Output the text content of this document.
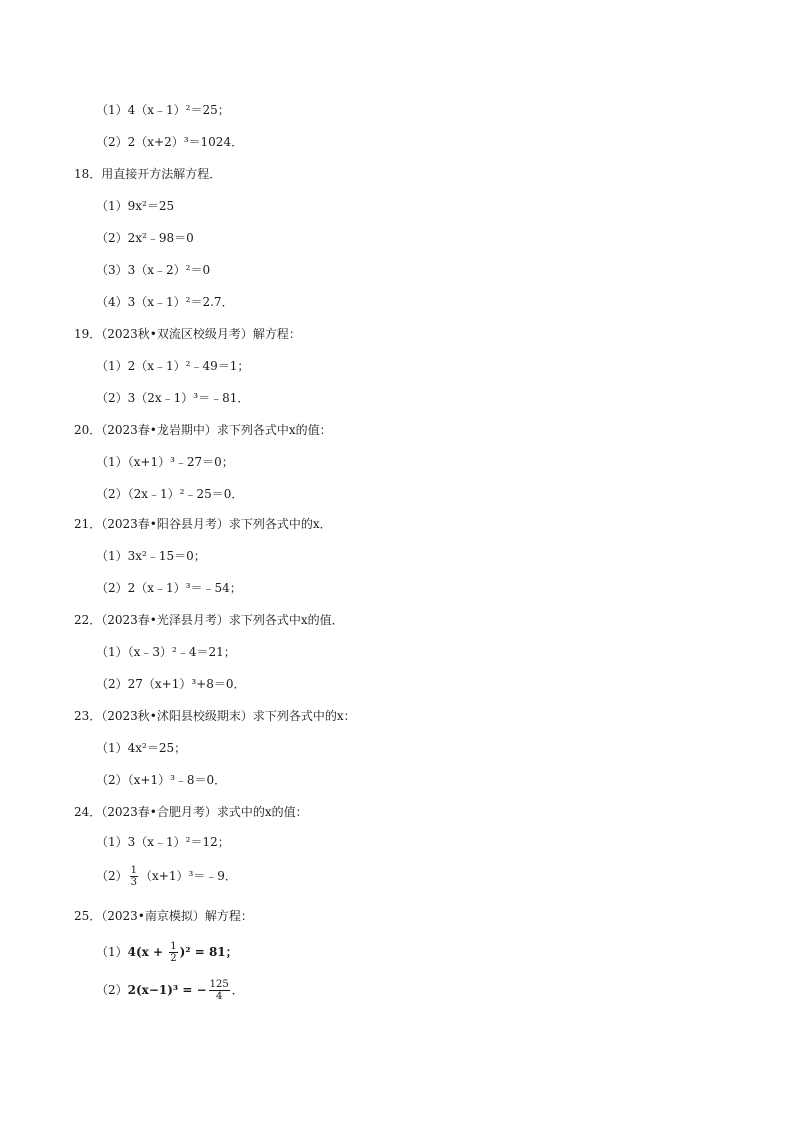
（1）4（x﹣1）²＝25；
（2）2（x+2）³＝1024．
18．用直接开方法解方程．
（1）9x²＝25
（2）2x²﹣98＝0
（3）3（x﹣2）²＝0
（4）3（x﹣1）²＝2.7．
19．（2023秋•双流区校级月考）解方程：
（1）2（x﹣1）²﹣49＝1；
（2）3（2x﹣1）³＝﹣81．
20．（2023春•龙岩期中）求下列各式中x的值：
（1）（x+1）³﹣27＝0；
（2）（2x﹣1）²﹣25＝0．
21．（2023春•阳谷县月考）求下列各式中的x．
（1）3x²﹣15＝0；
（2）2（x﹣1）³＝﹣54；
22．（2023春•光泽县月考）求下列各式中x的值．
（1）（x﹣3）²﹣4＝21；
（2）27（x+1）³+8＝0．
23．（2023秋•沭阳县校级期末）求下列各式中的x：
（1）4x²＝25；
（2）（x+1）³﹣8＝0．
24．（2023春•合肥月考）求式中的x的值：
（1）3（x﹣1）²＝12；
$(2) \frac{1}{3}$ （x+1）³＝﹣9．
25．（2023•南京模拟）解方程：
$(1)4(x + \frac{1}{2} )^2 = 81$；
（2）2(x−1)³ = − $\frac{125}{4}$ ．
